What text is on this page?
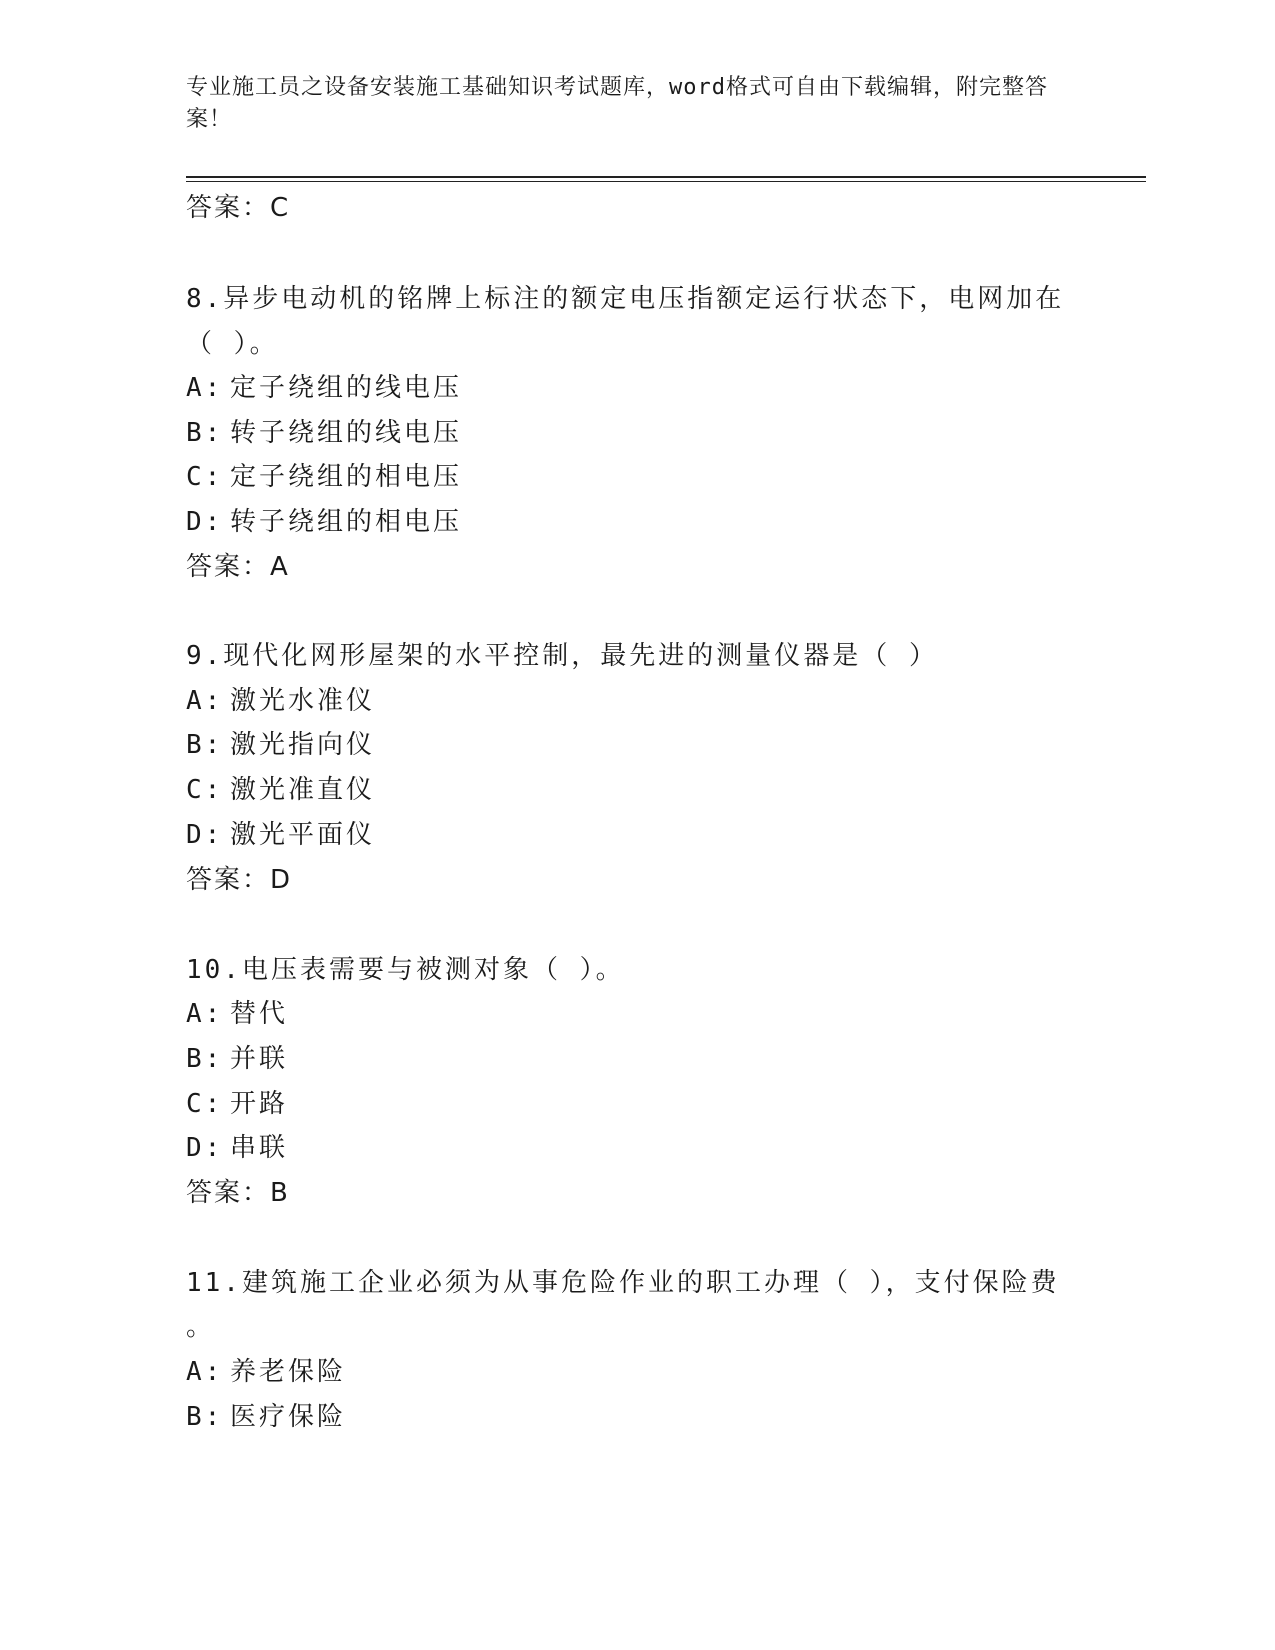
专业施工员之设备安装施工基础知识考试题库，word格式可自由下载编辑，附完整答案！
答案：C
8.异步电动机的铭牌上标注的额定电压指额定运行状态下，电网加在
（ ）。
A: 定子绕组的线电压
B: 转子绕组的线电压
C: 定子绕组的相电压
D: 转子绕组的相电压
答案：A
9.现代化网形屋架的水平控制，最先进的测量仪器是（ ）
A: 激光水准仪
B: 激光指向仪
C: 激光准直仪
D: 激光平面仪
答案：D
10.电压表需要与被测对象（ ）。
A: 替代
B: 并联
C: 开路
D: 串联
答案：B
11.建筑施工企业必须为从事危险作业的职工办理（ ），支付保险费
。
A: 养老保险
B: 医疗保险
